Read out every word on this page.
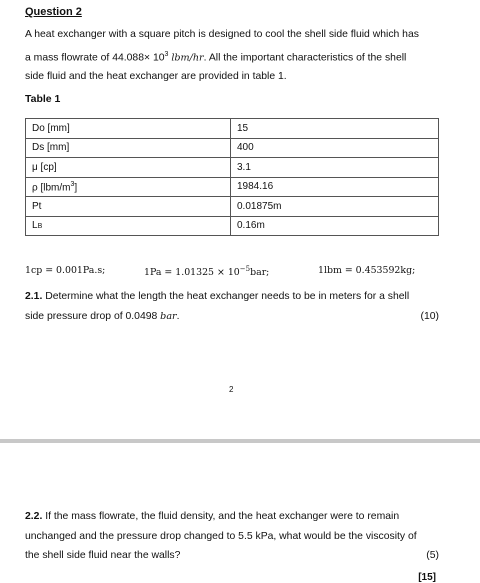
Question 2
A heat exchanger with a square pitch is designed to cool the shell side fluid which has
a mass flowrate of $44.088\times 10^3$ lbm/hr. All the important characteristics of the shell
side fluid and the heat exchanger are provided in table 1.
Table 1
Do [mm]	15
Ds [mm]	400
μ [cp]	3.1
ρ $[lbm/m^3]$	1984.16
Pt	0.01875m
LB	0.16m
1cp = 0.001Pa.s;	$1Pa = 1.01325 \times 10^{-5}bar$;	1lbm = 0.453592kg;
2.1. Determine what the length the heat exchanger needs to be in meters for a shell
side pressure drop of 0.0498 bar.	(10)
2
2.2. If the mass flowrate, the fluid density, and the heat exchanger were to remain
unchanged and the pressure drop changed to 5.5 kPa, what would be the viscosity of
the shell side fluid near the walls?	(5)
[15]
